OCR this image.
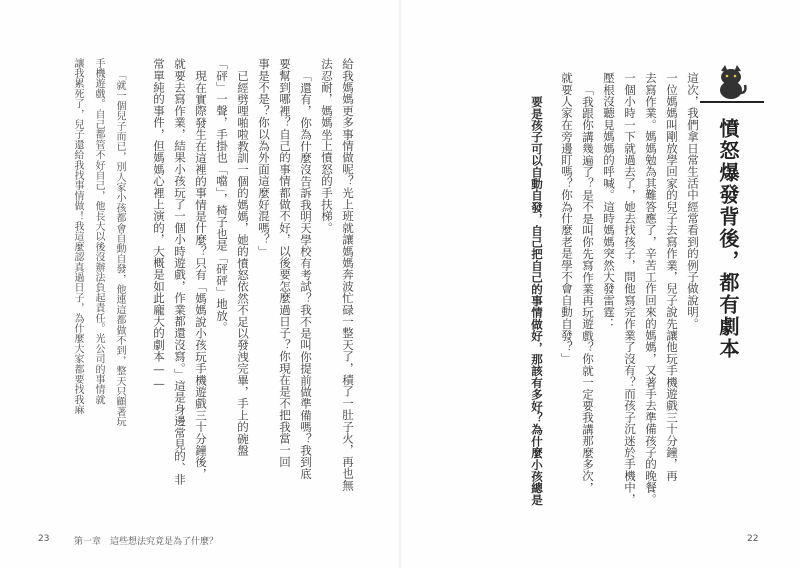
憤怒爆發背後，都有劇本
這次，我們拿日常生活中經常看到的例子做說明。
一位媽媽叫剛放學回家的兒子去寫作業，兒子說先讓他玩手機遊戲三十分鐘，再
去寫作業。媽媽勉為其難答應了，辛苦工作回來的媽媽，又著手去準備孩子的晚餐。
一個小時一下就過去了，她去找孩子，問他寫完作業了沒有？而孩子沉迷於手機中，
壓根沒聽見媽媽的呼喊。這時媽媽突然大發雷霆：
「我跟你講幾遍了？是不是叫你先寫作業再玩遊戲？你就一定要我講那麼多次，
就要人家在旁邊盯嗎？你為什麼老是學不會自動自發？」
要是孩子可以自動自發，自己把自己的事情做好，那該有多好？為什麼小孩總是
給我媽媽更多事情做呢？光上班就讓媽媽奔波忙碌一整天了，積了一肚子火，再也無
法忍耐，媽媽坐上憤怒的手扶梯。
「還有，你為什麼沒告訴我明天學校有考試？我不是叫你提前做準備嗎？我到底
要幫到哪裡？自己的事情都做不好，以後要怎麼過日子？你現在是不把我當一回
事是不是？你以為外面這麼好混嗎？」
已經劈哩啪啦教訓一個的媽媽，她的憤怒依然不足以發洩完畢，手上的碗盤
「砰」一聲，手掛也「噹」，椅子也是「砰砰」地放。
現在實際發生在這裡的事情是什麼？只有「媽媽說小孩玩手機遊戲三十分鐘後，
就要去寫作業，結果小孩玩了一個小時遊戲，作業都還沒寫。」這是身邊常見的、非
常單純的事件，但媽媽心裡上演的，大概是如此龐大的劇本——
「就一個兒子而已，別人家小孩都會自動自發，他連這都做不到，整天只顧著玩
手機遊戲。自己都管不好自己，他長大以後沒辦法負起責任。光公司的事情就
讓我累死了，兒子還給我找事情做！我這麼認真過日子，為什麼大家都要找我麻
23	第一章　這些想法究竟是為了什麼？	22
